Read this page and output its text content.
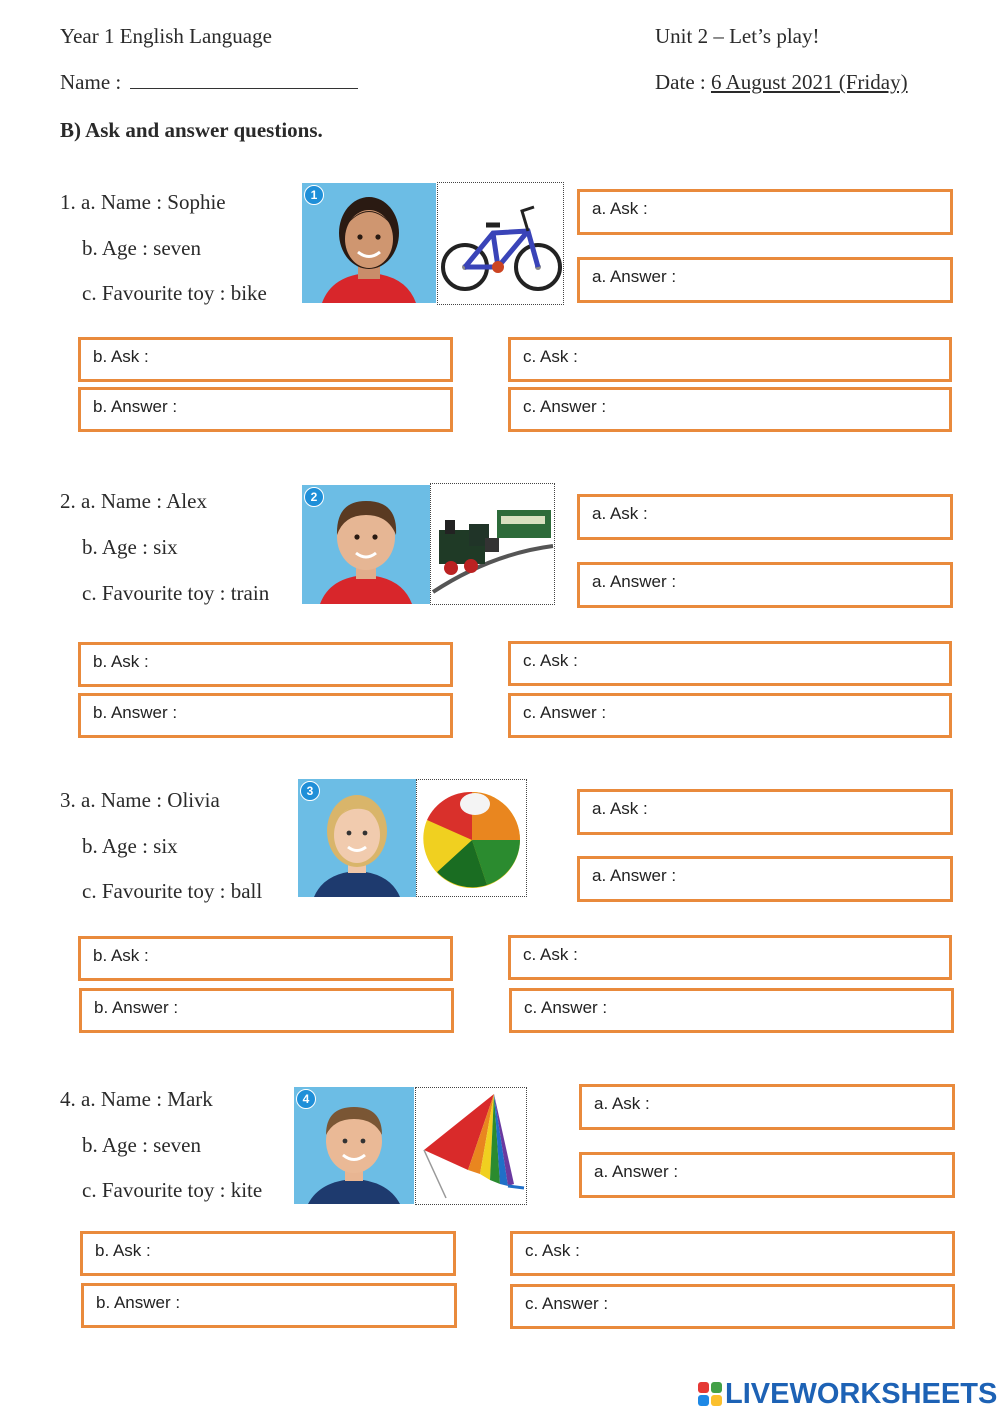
Year 1 English Language	Unit 2 – Let’s play!
Name :	Date : 6 August 2021 (Friday)
B) Ask and answer questions.
1. a. Name : Sophie
b. Age : seven
c. Favourite toy : bike
1
a. Ask :
a. Answer :
b. Ask :
b. Answer :
c. Ask :
c. Answer :
2. a. Name : Alex
b. Age : six
c. Favourite toy : train
2
a. Ask :
a. Answer :
b. Ask :
b. Answer :
c. Ask :
c. Answer :
3. a. Name : Olivia
b. Age : six
c. Favourite toy : ball
3
a. Ask :
a. Answer :
b. Ask :
b. Answer :
c. Ask :
c. Answer :
4. a. Name : Mark
b. Age : seven
c. Favourite toy : kite
4	a. Ask :
a. Answer :
b. Ask :
b. Answer :
c. Ask :
c. Answer :
LIVEWORKSHEETS
